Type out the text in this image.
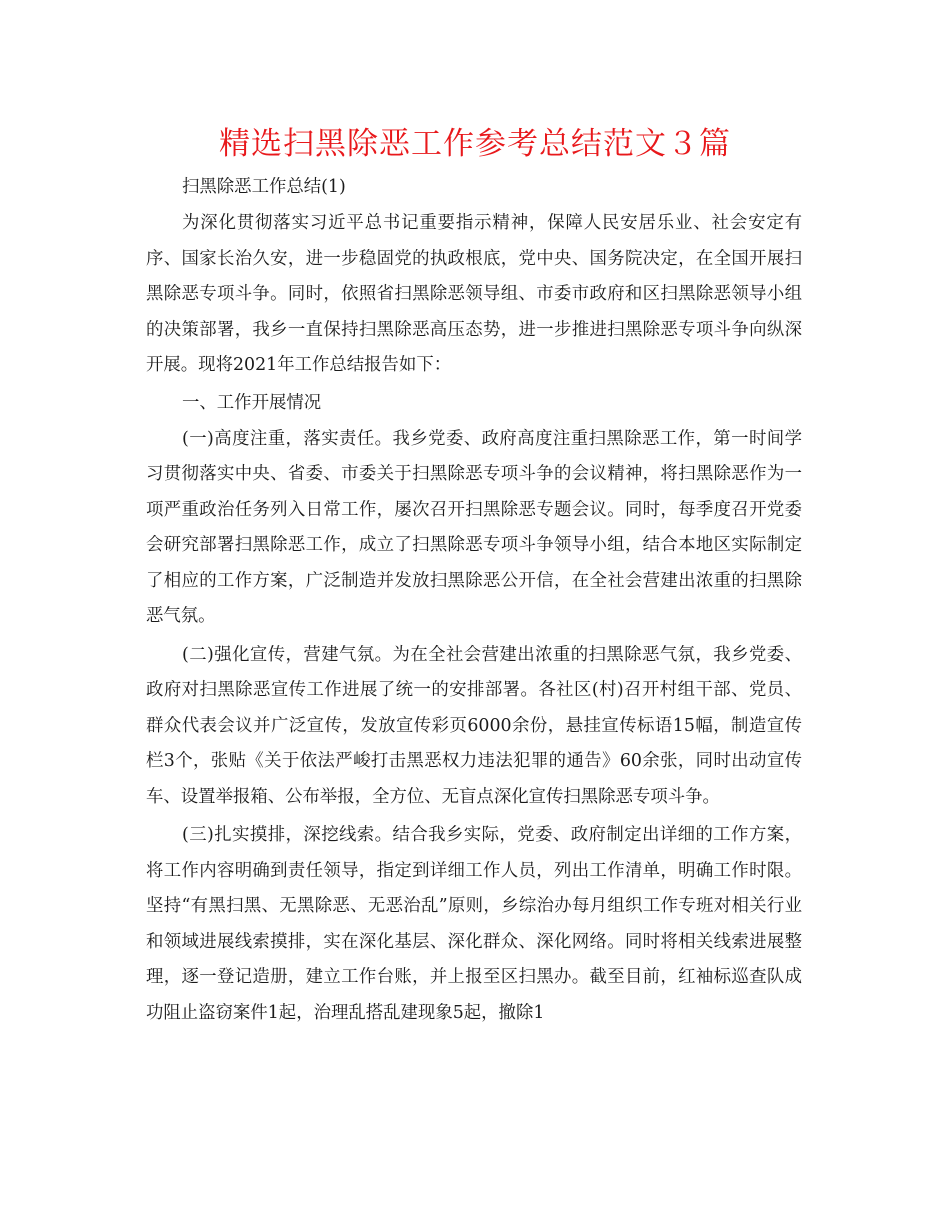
精选扫黑除恶工作参考总结范文３篇

扫黑除恶工作总结(1)

为深化贯彻落实习近平总书记重要指示精神，保障人民安居乐业、社会安定有序、国家长治久安，进一步稳固党的执政根底，党中央、国务院决定，在全国开展扫黑除恶专项斗争。同时，依照省扫黑除恶领导组、市委市政府和区扫黑除恶领导小组的决策部署，我乡一直保持扫黑除恶高压态势，进一步推进扫黑除恶专项斗争向纵深开展。现将2021年工作总结报告如下：

一、工作开展情况

(一)高度注重，落实责任。我乡党委、政府高度注重扫黑除恶工作，第一时间学习贯彻落实中央、省委、市委关于扫黑除恶专项斗争的会议精神，将扫黑除恶作为一项严重政治任务列入日常工作，屡次召开扫黑除恶专题会议。同时，每季度召开党委会研究部署扫黑除恶工作，成立了扫黑除恶专项斗争领导小组，结合本地区实际制定了相应的工作方案，广泛制造并发放扫黑除恶公开信，在全社会营建出浓重的扫黑除恶气氛。

(二)强化宣传，营建气氛。为在全社会营建出浓重的扫黑除恶气氛，我乡党委、政府对扫黑除恶宣传工作进展了统一的安排部署。各社区(村)召开村组干部、党员、群众代表会议并广泛宣传，发放宣传彩页6000余份，悬挂宣传标语15幅，制造宣传栏3个，张贴《关于依法严峻打击黑恶权力违法犯罪的通告》60余张，同时出动宣传车、设置举报箱、公布举报，全方位、无盲点深化宣传扫黑除恶专项斗争。

(三)扎实摸排，深挖线索。结合我乡实际，党委、政府制定出详细的工作方案，将工作内容明确到责任领导，指定到详细工作人员，列出工作清单，明确工作时限。坚持“有黑扫黑、无黑除恶、无恶治乱”原则，乡综治办每月组织工作专班对相关行业和领域进展线索摸排，实在深化基层、深化群众、深化网络。同时将相关线索进展整理，逐一登记造册，建立工作台账，并上报至区扫黑办。截至目前，红袖标巡查队成功阻止盗窃案件1起，治理乱搭乱建现象5起，撤除1
